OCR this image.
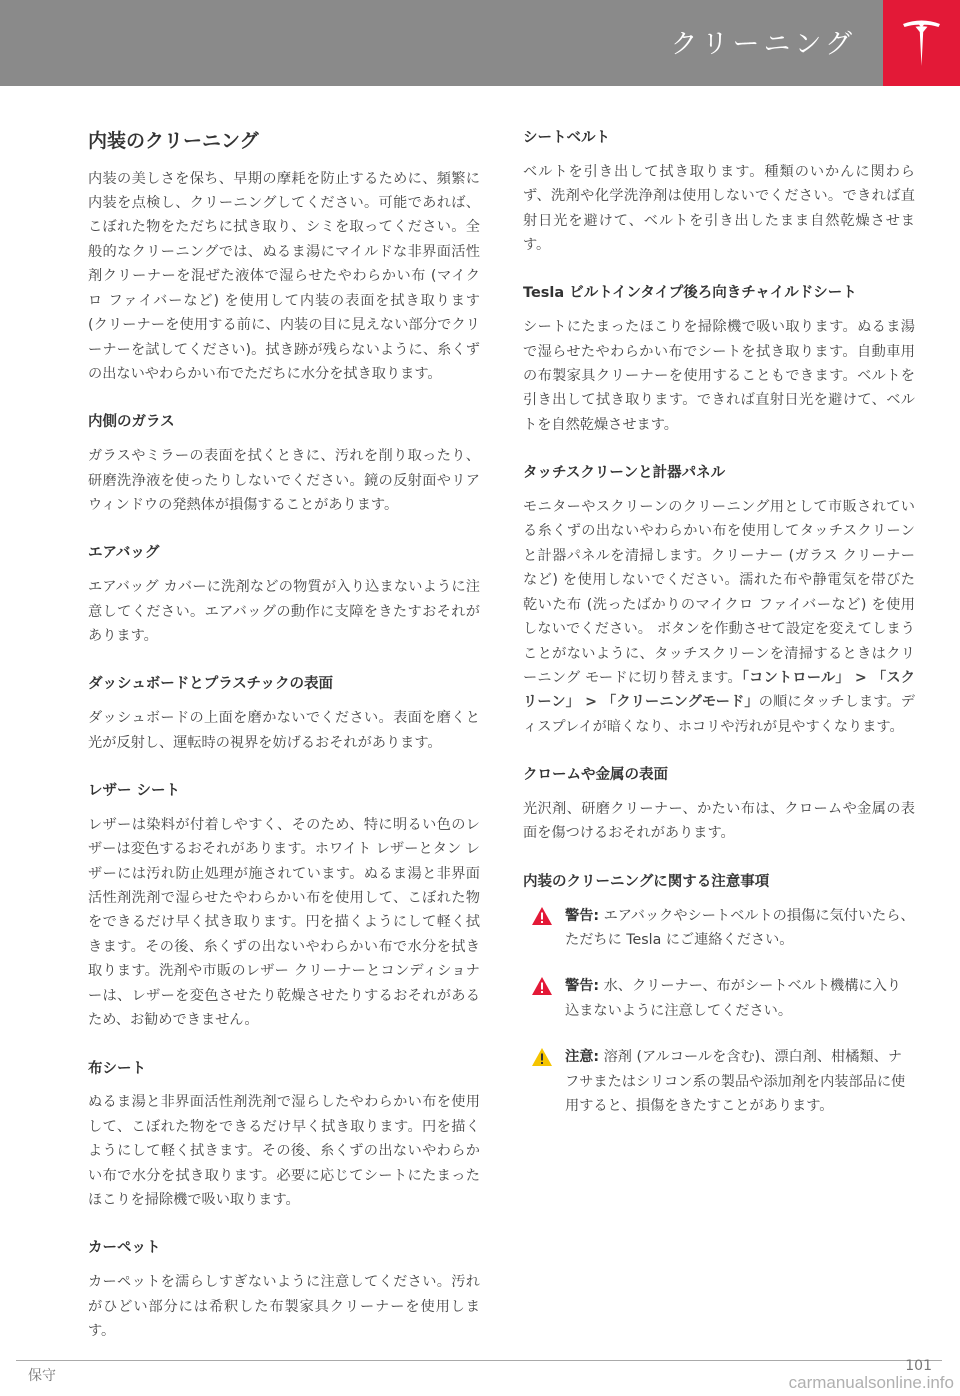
クリーニング
内装のクリーニング

内装の美しさを保ち、早期の摩耗を防止するために、頻繁に内装を点検し、クリーニングしてください。可能であれば、こぼれた物をただちに拭き取り、シミを取ってください。全般的なクリーニングでは、ぬるま湯にマイルドな非界面活性剤クリーナーを混ぜた液体で湿らせたやわらかい布 (マイクロ ファイバーなど) を使用して内装の表面を拭き取ります (クリーナーを使用する前に、内装の目に見えない部分でクリーナーを試してください)。拭き跡が残らないように、糸くずの出ないやわらかい布でただちに水分を拭き取ります。

内側のガラス

ガラスやミラーの表面を拭くときに、汚れを削り取ったり、研磨洗浄液を使ったりしないでください。鏡の反射面やリア ウィンドウの発熱体が損傷することがあります。

エアバッグ

エアバッグ カバーに洗剤などの物質が入り込まないように注意してください。エアバッグの動作に支障をきたすおそれがあります。

ダッシュボードとプラスチックの表面

ダッシュボードの上面を磨かないでください。表面を磨くと光が反射し、運転時の視界を妨げるおそれがあります。

レザー シート

レザーは染料が付着しやすく、そのため、特に明るい色のレザーは変色するおそれがあります。ホワイト レザーとタン レザーには汚れ防止処理が施されています。ぬるま湯と非界面活性剤洗剤で湿らせたやわらかい布を使用して、こぼれた物をできるだけ早く拭き取ります。円を描くようにして軽く拭きます。その後、糸くずの出ないやわらかい布で水分を拭き取ります。洗剤や市販のレザー クリーナーとコンディショナーは、レザーを変色させたり乾燥させたりするおそれがあるため、お勧めできません。

布シート

ぬるま湯と非界面活性剤洗剤で湿らしたやわらかい布を使用して、こぼれた物をできるだけ早く拭き取ります。円を描くようにして軽く拭きます。その後、糸くずの出ないやわらかい布で水分を拭き取ります。必要に応じてシートにたまったほこりを掃除機で吸い取ります。

カーペット

カーペットを濡らしすぎないように注意してください。汚れがひどい部分には希釈した布製家具クリーナーを使用します。

シートベルト

ベルトを引き出して拭き取ります。種類のいかんに関わらず、洗剤や化学洗浄剤は使用しないでください。できれば直射日光を避けて、ベルトを引き出したまま自然乾燥させます。

Tesla ビルトインタイプ後ろ向きチャイルドシート

シートにたまったほこりを掃除機で吸い取ります。ぬるま湯で湿らせたやわらかい布でシートを拭き取ります。自動車用の布製家具クリーナーを使用することもできます。ベルトを引き出して拭き取ります。できれば直射日光を避けて、ベルトを自然乾燥させます。

タッチスクリーンと計器パネル

モニターやスクリーンのクリーニング用として市販されている糸くずの出ないやわらかい布を使用してタッチスクリーンと計器パネルを清掃します。クリーナー (ガラス クリーナーなど) を使用しないでください。濡れた布や静電気を帯びた乾いた布 (洗ったばかりのマイクロ ファイバーなど) を使用しないでください。 ボタンを作動させて設定を変えてしまうことがないように、タッチスクリーンを清掃するときはクリーニング モードに切り替えます。「コントロール」 > 「スクリーン」 > 「クリーニングモード」の順にタッチします。ディスプレイが暗くなり、ホコリや汚れが見やすくなります。

クロームや金属の表面

光沢剤、研磨クリーナー、かたい布は、クロームや金属の表面を傷つけるおそれがあります。

内装のクリーニングに関する注意事項
警告: エアバックやシートベルトの損傷に気付いたら、ただちに Tesla にご連絡ください。
警告: 水、クリーナー、布がシートベルト機構に入り込まないように注意してください。
注意: 溶剤 (アルコールを含む)、漂白剤、柑橘類、ナフサまたはシリコン系の製品や添加剤を内装部品に使用すると、損傷をきたすことがあります。
保守
101
carmanualsonline.info
